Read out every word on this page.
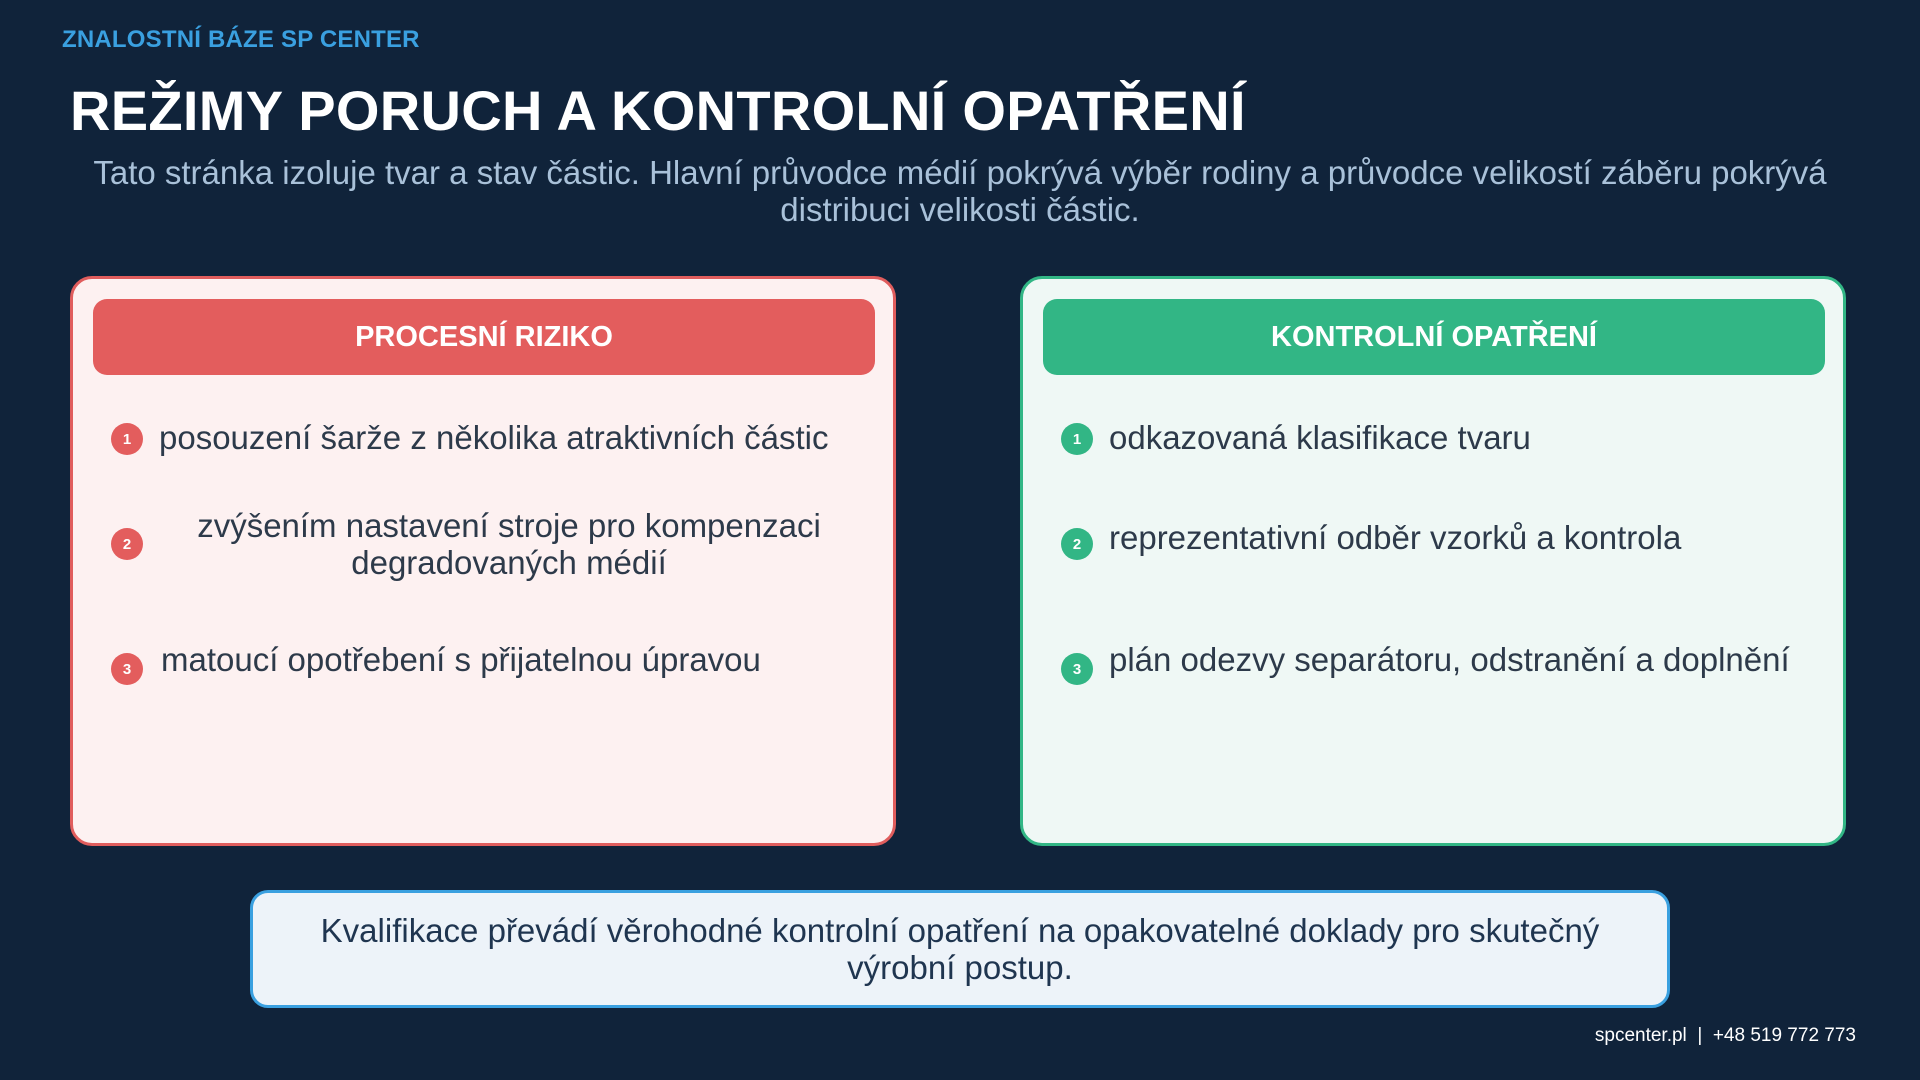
ZNALOSTNÍ BÁZE SP CENTER
REŽIMY PORUCH A KONTROLNÍ OPATŘENÍ
Tato stránka izoluje tvar a stav částic. Hlavní průvodce médií pokrývá výběr rodiny a průvodce velikostí záběru pokrývá distribuci velikosti částic.
PROCESNÍ RIZIKO
1 posouzení šarže z několika atraktivních částic
2	zvýšením nastavení stroje pro kompenzaci degradovaných médií
3 matoucí opotřebení s přijatelnou úpravou
KONTROLNÍ OPATŘENÍ
1 odkazovaná klasifikace tvaru
2 reprezentativní odběr vzorků a kontrola
3 plán odezvy separátoru, odstranění a doplnění
Kvalifikace převádí věrohodné kontrolní opatření na opakovatelné doklady pro skutečný výrobní postup.
spcenter.pl  |  +48 519 772 773
